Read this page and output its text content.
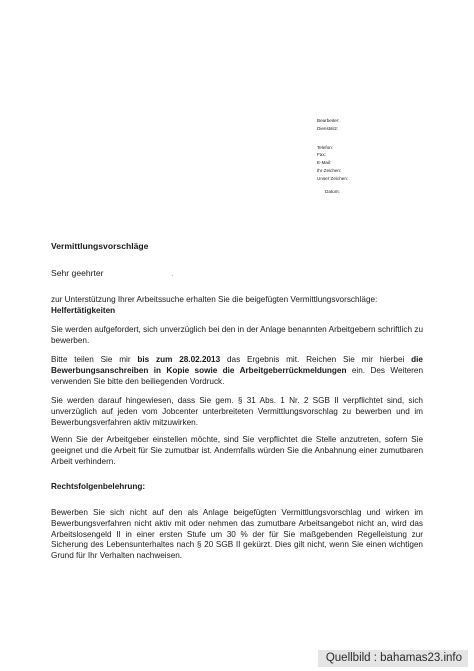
Bearbeiter:
Dienstsitz:
Telefon:
Fax:
E-Mail:
Ihr Zeichen:
Unser Zeichen:
Datum:
Vermittlungsvorschläge
Sehr geehrter	.
zur Unterstützung Ihrer Arbeitssuche erhalten Sie die beigefügten Vermittlungsvorschläge:
Helfertätigkeiten
Sie werden aufgefordert, sich unverzüglich bei den in der Anlage benannten Arbeitgebern schriftlich zu bewerben.
Bitte teilen Sie mir bis zum 28.02.2013 das Ergebnis mit. Reichen Sie mir hierbei die Bewerbungsanschreiben in Kopie sowie die Arbeitgeberrückmeldungen ein. Des Weiteren verwenden Sie bitte den beiliegenden Vordruck.
Sie werden darauf hingewiesen, dass Sie gem. § 31 Abs. 1 Nr. 2 SGB II verpflichtet sind, sich unverzüglich auf jeden vom Jobcenter unterbreiteten Vermittlungsvorschlag zu bewerben und im Bewerbungsverfahren aktiv mitzuwirken.
Wenn Sie der Arbeitgeber einstellen möchte, sind Sie verpflichtet die Stelle anzutreten, sofern Sie geeignet und die Arbeit für Sie zumutbar ist. Andernfalls würden Sie die Anbahnung einer zumutbaren Arbeit verhindern.
Rechtsfolgenbelehrung:
Bewerben Sie sich nicht auf den als Anlage beigefügten Vermittlungsvorschlag und wirken im Bewerbungsverfahren nicht aktiv mit oder nehmen das zumutbare Arbeitsangebot nicht an, wird das Arbeitslosengeld II in einer ersten Stufe um 30 % der für Sie maßgebenden Regelleistung zur Sicherung des Lebensunterhaltes nach § 20 SGB II gekürzt. Dies gilt nicht, wenn Sie einen wichtigen Grund für Ihr Verhalten nachweisen.
Quellbild : bahamas23.info
